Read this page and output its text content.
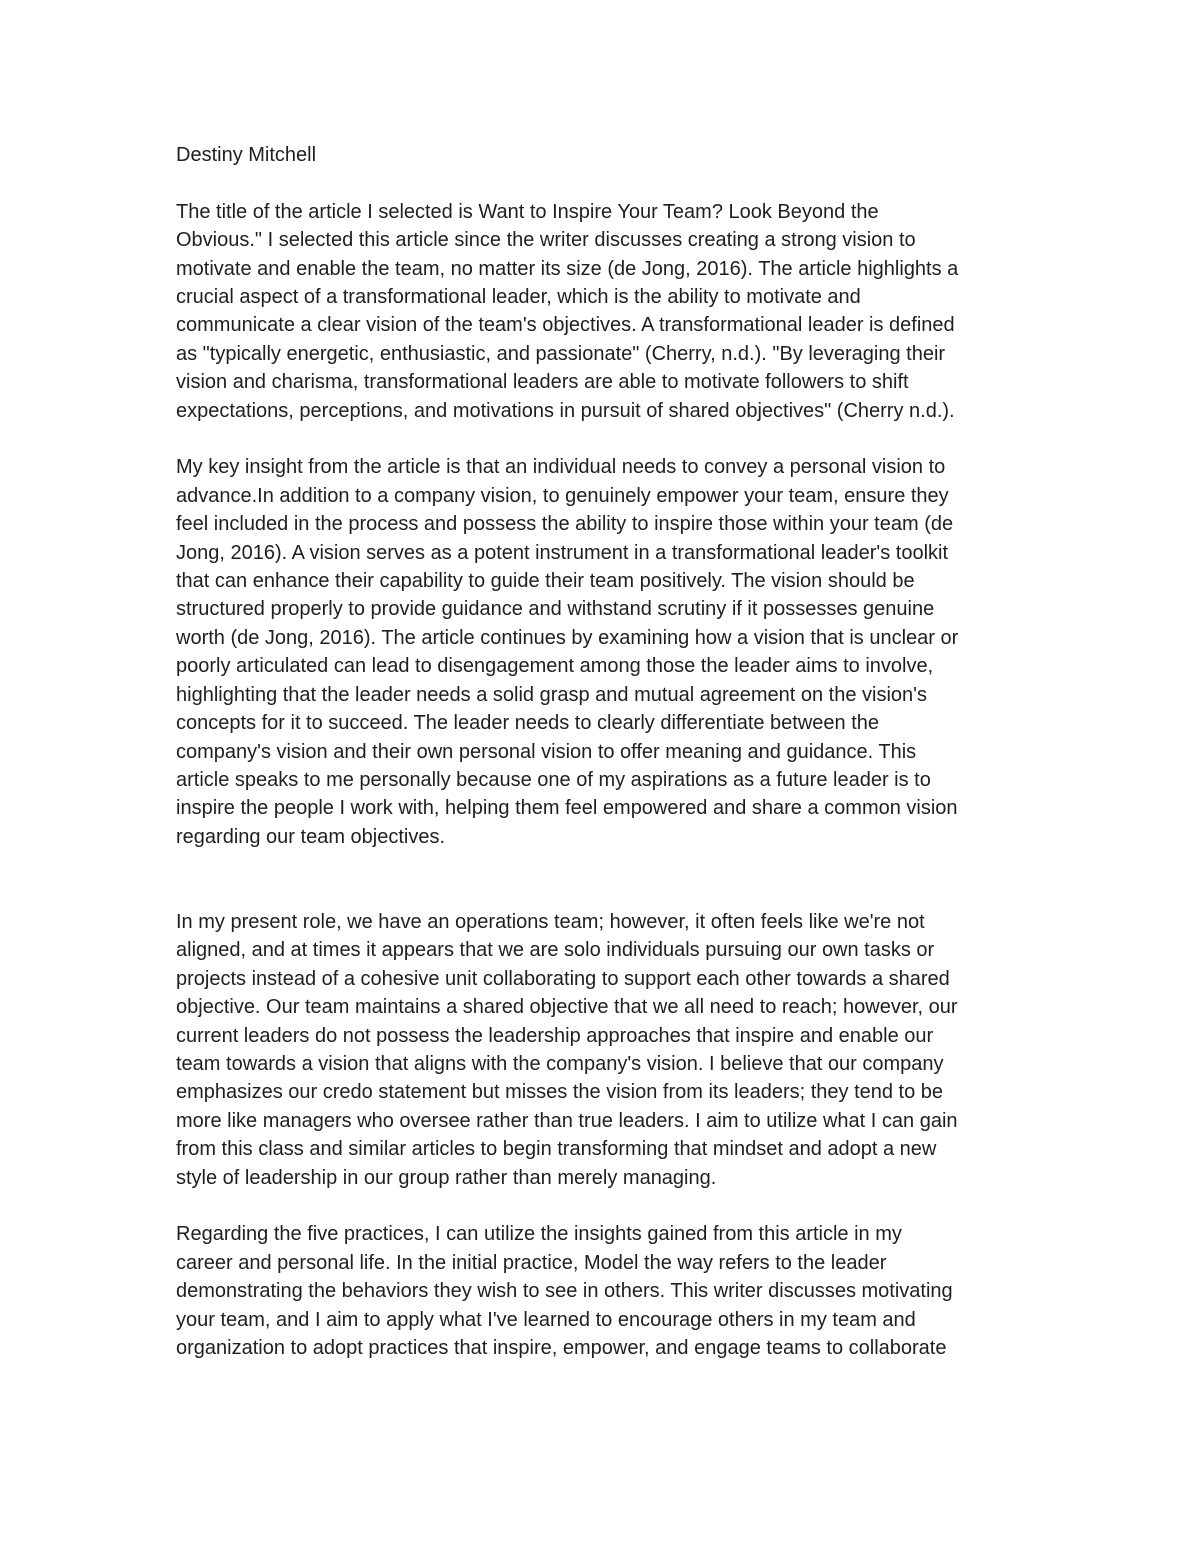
Destiny Mitchell

The title of the article I selected is Want to Inspire Your Team? Look Beyond the
Obvious." I selected this article since the writer discusses creating a strong vision to
motivate and enable the team, no matter its size (de Jong, 2016). The article highlights a
crucial aspect of a transformational leader, which is the ability to motivate and
communicate a clear vision of the team's objectives. A transformational leader is defined
as "typically energetic, enthusiastic, and passionate" (Cherry, n.d.). "By leveraging their
vision and charisma, transformational leaders are able to motivate followers to shift
expectations, perceptions, and motivations in pursuit of shared objectives" (Cherry n.d.).
My key insight from the article is that an individual needs to convey a personal vision to
advance.In addition to a company vision, to genuinely empower your team, ensure they
feel included in the process and possess the ability to inspire those within your team (de
Jong, 2016). A vision serves as a potent instrument in a transformational leader's toolkit
that can enhance their capability to guide their team positively. The vision should be
structured properly to provide guidance and withstand scrutiny if it possesses genuine
worth (de Jong, 2016). The article continues by examining how a vision that is unclear or
poorly articulated can lead to disengagement among those the leader aims to involve,
highlighting that the leader needs a solid grasp and mutual agreement on the vision's
concepts for it to succeed. The leader needs to clearly differentiate between the
company's vision and their own personal vision to offer meaning and guidance. This
article speaks to me personally because one of my aspirations as a future leader is to
inspire the people I work with, helping them feel empowered and share a common vision
regarding our team objectives.
In my present role, we have an operations team; however, it often feels like we're not
aligned, and at times it appears that we are solo individuals pursuing our own tasks or
projects instead of a cohesive unit collaborating to support each other towards a shared
objective. Our team maintains a shared objective that we all need to reach; however, our
current leaders do not possess the leadership approaches that inspire and enable our
team towards a vision that aligns with the company's vision. I believe that our company
emphasizes our credo statement but misses the vision from its leaders; they tend to be
more like managers who oversee rather than true leaders. I aim to utilize what I can gain
from this class and similar articles to begin transforming that mindset and adopt a new
style of leadership in our group rather than merely managing.
Regarding the five practices, I can utilize the insights gained from this article in my
career and personal life. In the initial practice, Model the way refers to the leader
demonstrating the behaviors they wish to see in others. This writer discusses motivating
your team, and I aim to apply what I've learned to encourage others in my team and
organization to adopt practices that inspire, empower, and engage teams to collaborate
